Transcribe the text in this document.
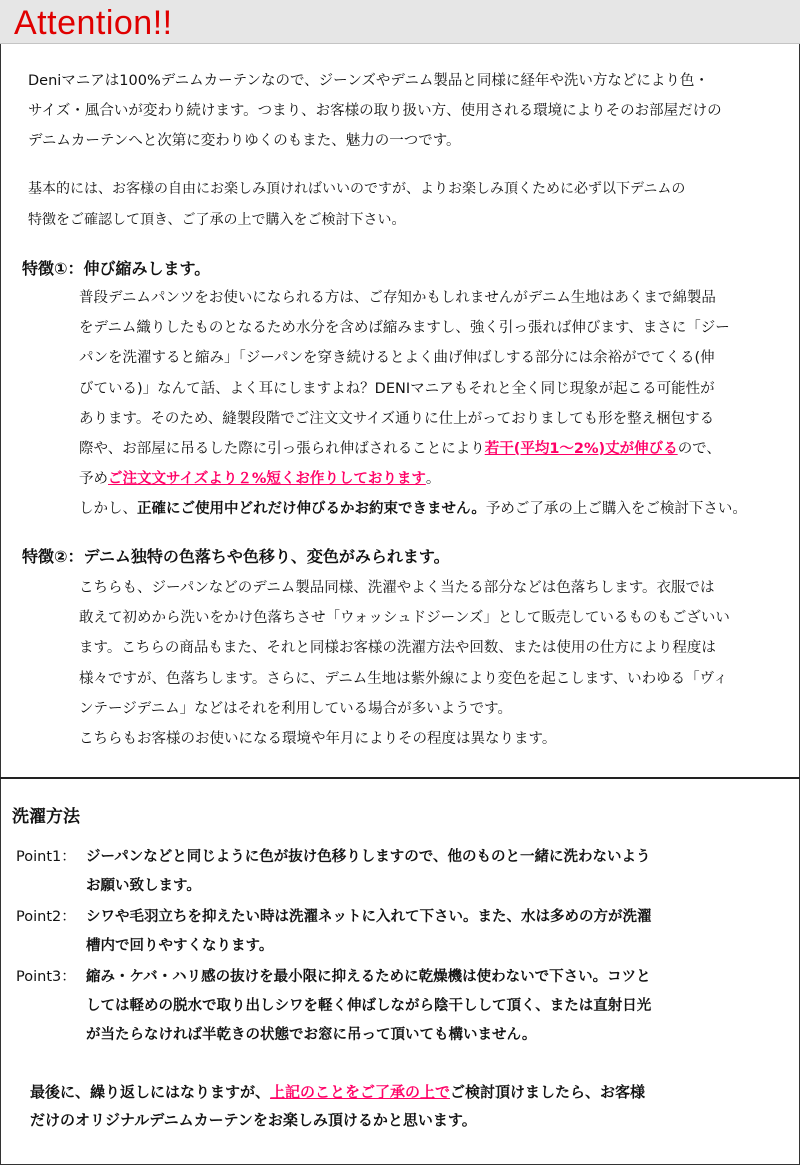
Attention!!
Deniマニアは100%デニムカーテンなので、ジーンズやデニム製品と同様に経年や洗い方などにより色・
サイズ・風合いが変わり続けます。つまり、お客様の取り扱い方、使用される環境によりそのお部屋だけの
デニムカーテンへと次第に変わりゆくのもまた、魅力の一つです。
基本的には、お客様の自由にお楽しみ頂ければいいのですが、よりお楽しみ頂くために必ず以下デニムの
特徴をご確認して頂き、ご了承の上で購入をご検討下さい。
特徴①：伸び縮みします。
普段デニムパンツをお使いになられる方は、ご存知かもしれませんがデニム生地はあくまで綿製品
をデニム織りしたものとなるため水分を含めば縮みますし、強く引っ張れば伸びます、まさに「ジー
パンを洗濯すると縮み」「ジーパンを穿き続けるとよく曲げ伸ばしする部分には余裕がでてくる(伸
びている)」なんて話、よく耳にしますよね？DENIマニアもそれと全く同じ現象が起こる可能性が
あります。そのため、縫製段階でご注文文サイズ通りに仕上がっておりましても形を整え梱包する
際や、お部屋に吊るした際に引っ張られ伸ばされることにより若干(平均1～2%)丈が伸びるので、
予めご注文文サイズより２%短くお作りしております。
しかし、正確にご使用中どれだけ伸びるかお約束できません。予めご了承の上ご購入をご検討下さい。
特徴②：デニム独特の色落ちや色移り、変色がみられます。
こちらも、ジーパンなどのデニム製品同様、洗濯やよく当たる部分などは色落ちします。衣服では
敢えて初めから洗いをかけ色落ちさせ「ウォッシュドジーンズ」として販売しているものもございい
ます。こちらの商品もまた、それと同様お客様の洗濯方法や回数、または使用の仕方により程度は
様々ですが、色落ちします。さらに、デニム生地は紫外線により変色を起こします、いわゆる「ヴィ
ンテージデニム」などはそれを利用している場合が多いようです。
こちらもお客様のお使いになる環境や年月によりその程度は異なります。
洗濯方法
Point1： ジーパンなどと同じように色が抜け色移りしますので、他のものと一緒に洗わないよう
お願い致します。
Point2： シワや毛羽立ちを抑えたい時は洗濯ネットに入れて下さい。また、水は多めの方が洗濯
槽内で回りやすくなります。
Point3： 縮み・ケバ・ハリ感の抜けを最小限に抑えるために乾燥機は使わないで下さい。コツと
しては軽めの脱水で取り出しシワを軽く伸ばしながら陰干しして頂く、または直射日光
が当たらなければ半乾きの状態でお窓に吊って頂いても構いません。
最後に、繰り返しにはなりますが、上記のことをご了承の上でご検討頂けましたら、お客様
だけのオリジナルデニムカーテンをお楽しみ頂けるかと思います。
